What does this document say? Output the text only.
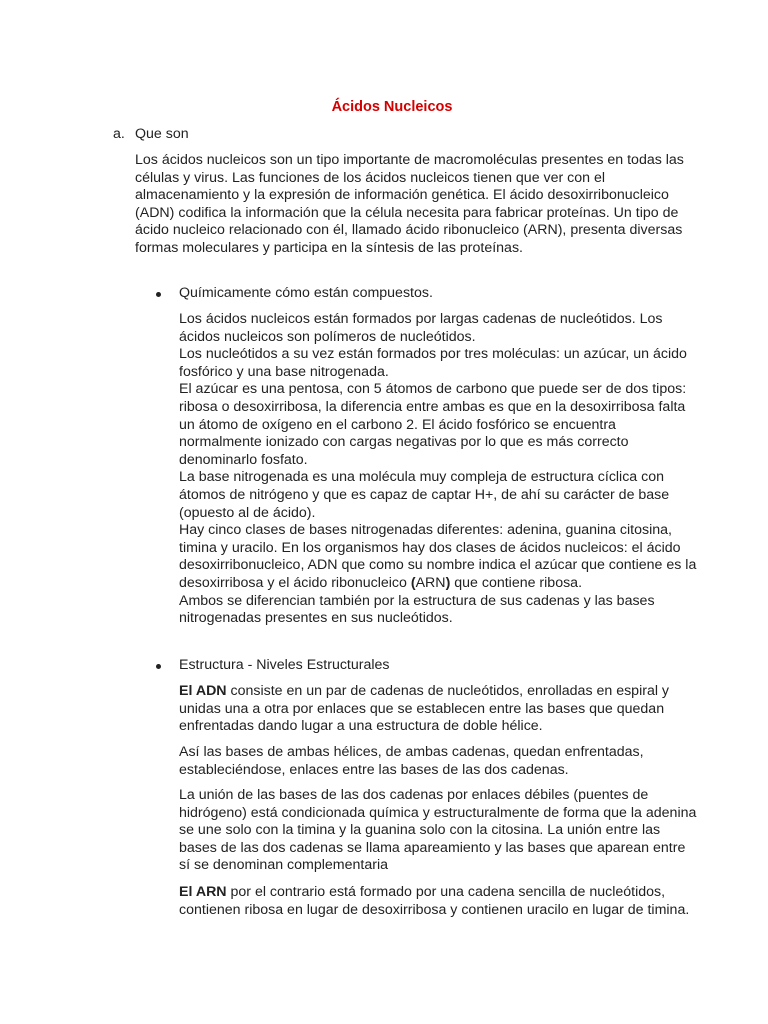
Ácidos Nucleicos
a. Que son

Los ácidos nucleicos son un tipo importante de macromoléculas presentes en todas las células y virus. Las funciones de los ácidos nucleicos tienen que ver con el almacenamiento y la expresión de información genética. El ácido desoxirribonucleico (ADN) codifica la información que la célula necesita para fabricar proteínas. Un tipo de ácido nucleico relacionado con él, llamado ácido ribonucleico (ARN), presenta diversas formas moleculares y participa en la síntesis de las proteínas.

Químicamente cómo están compuestos.

Los ácidos nucleicos están formados por largas cadenas de nucleótidos. Los ácidos nucleicos son polímeros de nucleótidos.

Los nucleótidos a su vez están formados por tres moléculas: un azúcar, un ácido fosfórico y una base nitrogenada.

El azúcar es una pentosa, con 5 átomos de carbono que puede ser de dos tipos: ribosa o desoxirribosa, la diferencia entre ambas es que en la desoxirribosa falta un átomo de oxígeno en el carbono 2. El ácido fosfórico se encuentra normalmente ionizado con cargas negativas por lo que es más correcto denominarlo fosfato.

La base nitrogenada es una molécula muy compleja de estructura cíclica con átomos de nitrógeno y que es capaz de captar H+, de ahí su carácter de base (opuesto al de ácido).

Hay cinco clases de bases nitrogenadas diferentes: adenina, guanina citosina, timina y uracilo. En los organismos hay dos clases de ácidos nucleicos: el ácido desoxirribonucleico, ADN que como su nombre indica el azúcar que contiene es la desoxirribosa y el ácido ribonucleico (ARN) que contiene ribosa.

Ambos se diferencian también por la estructura de sus cadenas y las bases nitrogenadas presentes en sus nucleótidos.

Estructura - Niveles Estructurales

El ADN consiste en un par de cadenas de nucleótidos, enrolladas en espiral y unidas una a otra por enlaces que se establecen entre las bases que quedan enfrentadas dando lugar a una estructura de doble hélice.

Así las bases de ambas hélices, de ambas cadenas, quedan enfrentadas, estableciéndose, enlaces entre las bases de las dos cadenas.

La unión de las bases de las dos cadenas por enlaces débiles (puentes de hidrógeno) está condicionada química y estructuralmente de forma que la adenina se une solo con la timina y la guanina solo con la citosina. La unión entre las bases de las dos cadenas se llama apareamiento y las bases que aparean entre sí se denominan complementaria

El ARN por el contrario está formado por una cadena sencilla de nucleótidos, contienen ribosa en lugar de desoxirribosa y contienen uracilo en lugar de timina.
